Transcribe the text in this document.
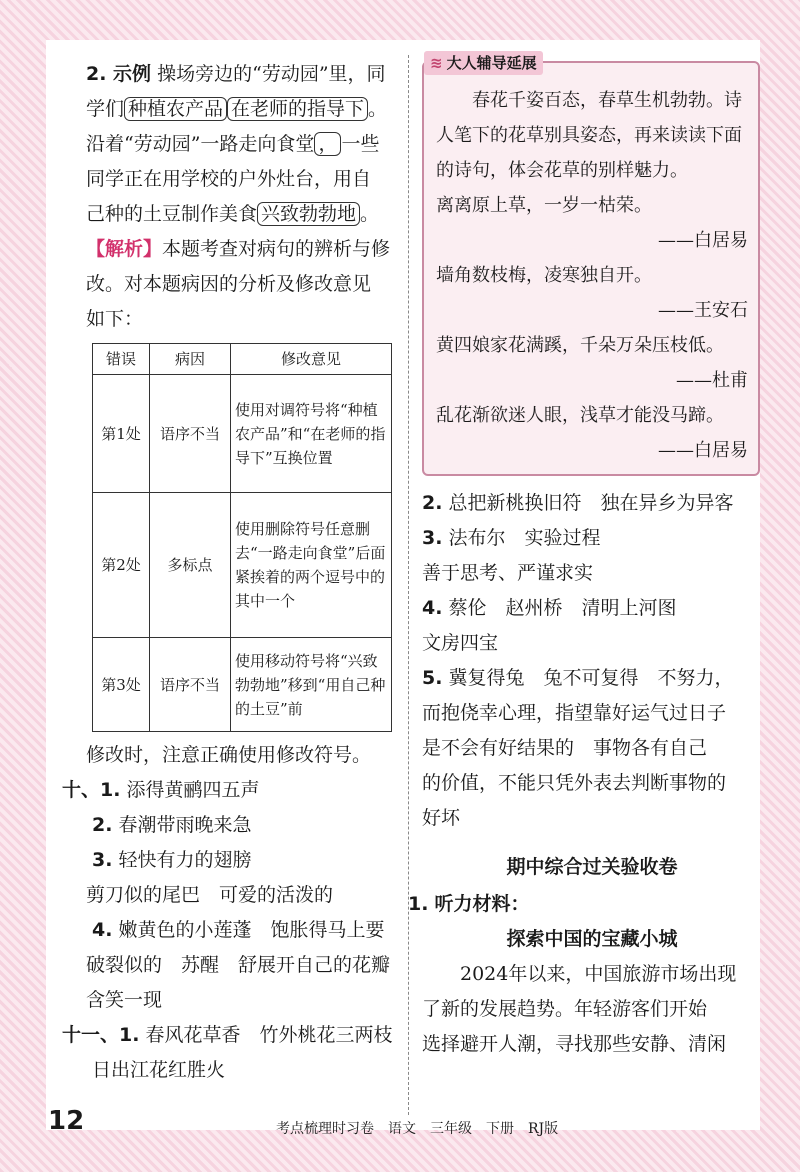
2. 示例 操场旁边的“劳动园”里，同
学们 种植农产品 在老师的指导下 。
沿着“劳动园”一路走向食堂 ， 一些
同学正在用学校的户外灶台，用自
己种的土豆制作美食 兴致勃勃地 。
【解析】本题考查对病句的辨析与修
改。对本题病因的分析及修改意见
如下：
错误	病因	修改意见
第1处	语序不当	使用对调符号将“种植农产品”和“在老师的指导下”互换位置
第2处	多标点	使用删除符号任意删去“一路走向食堂”后面紧挨着的两个逗号中的其中一个
第3处	语序不当	使用移动符号将“兴致勃勃地”移到“用自己种的土豆”前
修改时，注意正确使用修改符号。
十、1. 添得黄鹂四五声
2. 春潮带雨晚来急
3. 轻快有力的翅膀
剪刀似的尾巴　可爱的活泼的
4. 嫩黄色的小莲蓬　饱胀得马上要
破裂似的　苏醒　舒展开自己的花瓣
含笑一现
十一、1. 春风花草香　竹外桃花三两枝
日出江花红胜火
≋ 大人辅导延展
春花千姿百态，春草生机勃勃。诗人笔下的花草别具姿态，再来读读下面的诗句，体会花草的别样魅力。
离离原上草，一岁一枯荣。
——白居易
墙角数枝梅，凌寒独自开。
——王安石
黄四娘家花满蹊，千朵万朵压枝低。
——杜甫
乱花渐欲迷人眼，浅草才能没马蹄。
——白居易
2. 总把新桃换旧符　独在异乡为异客
3. 法布尔　实验过程
善于思考、严谨求实
4. 蔡伦　赵州桥　清明上河图
文房四宝
5. 冀复得兔　兔不可复得　不努力，
而抱侥幸心理，指望靠好运气过日子
是不会有好结果的　事物各有自己
的价值，不能只凭外表去判断事物的
好坏
期中综合过关验收卷
1. 听力材料：
探索中国的宝藏小城
2024年以来，中国旅游市场出现
了新的发展趋势。年轻游客们开始
选择避开人潮，寻找那些安静、清闲
12	考点梳理时习卷　语文　三年级　下册　RJ版
